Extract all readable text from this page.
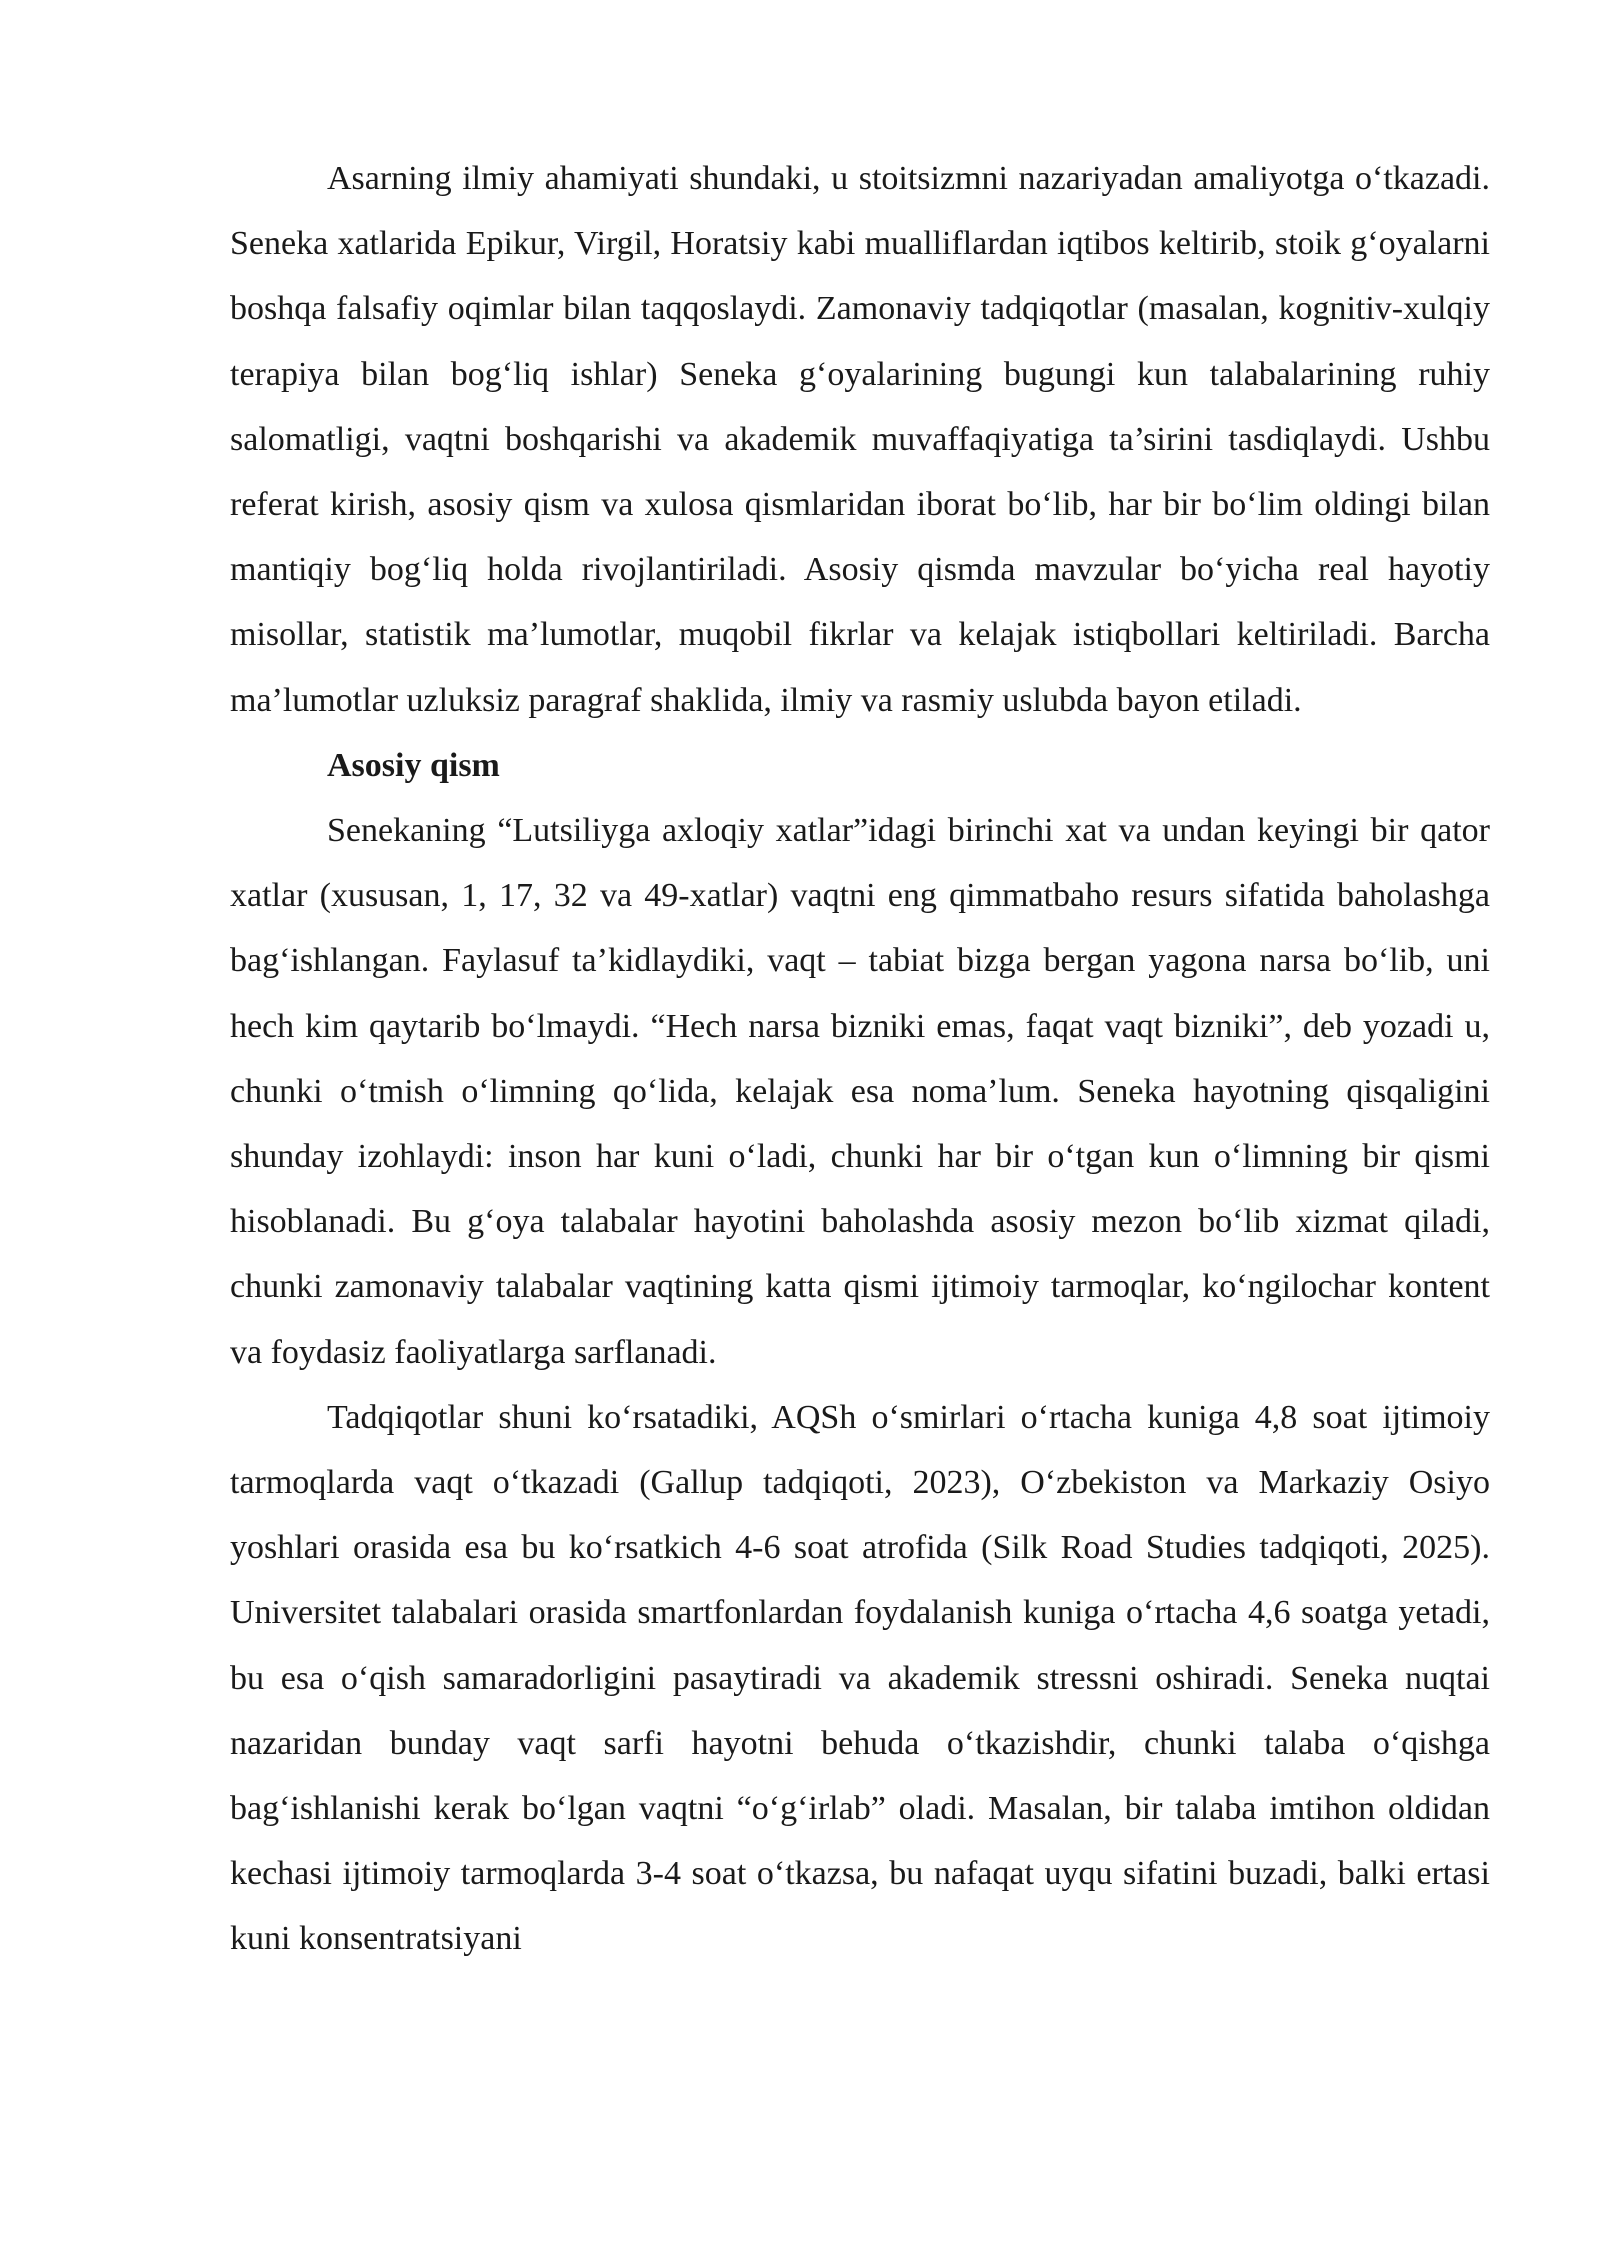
Asarning ilmiy ahamiyati shundaki, u stoitsizmni nazariyadan amaliyotga o‘tkazadi. Seneka xatlarida Epikur, Virgil, Horatsiy kabi mualliflardan iqtibos keltirib, stoik g‘oyalarni boshqa falsafiy oqimlar bilan taqqoslaydi. Zamonaviy tadqiqotlar (masalan, kognitiv-xulqiy terapiya bilan bog‘liq ishlar) Seneka g‘oyalarining bugungi kun talabalarining ruhiy salomatligi, vaqtni boshqarishi va akademik muvaffaqiyatiga ta’sirini tasdiqlaydi. Ushbu referat kirish, asosiy qism va xulosa qismlaridan iborat bo‘lib, har bir bo‘lim oldingi bilan mantiqiy bog‘liq holda rivojlantiriladi. Asosiy qismda mavzular bo‘yicha real hayotiy misollar, statistik ma’lumotlar, muqobil fikrlar va kelajak istiqbollari keltiriladi. Barcha ma’lumotlar uzluksiz paragraf shaklida, ilmiy va rasmiy uslubda bayon etiladi.

Asosiy qism

Senekaning “Lutsiliyga axloqiy xatlar”idagi birinchi xat va undan keyingi bir qator xatlar (xususan, 1, 17, 32 va 49-xatlar) vaqtni eng qimmatbaho resurs sifatida baholashga bag‘ishlangan. Faylasuf ta’kidlaydiki, vaqt – tabiat bizga bergan yagona narsa bo‘lib, uni hech kim qaytarib bo‘lmaydi. “Hech narsa bizniki emas, faqat vaqt bizniki”, deb yozadi u, chunki o‘tmish o‘limning qo‘lida, kelajak esa noma’lum. Seneka hayotning qisqaligini shunday izohlaydi: inson har kuni o‘ladi, chunki har bir o‘tgan kun o‘limning bir qismi hisoblanadi. Bu g‘oya talabalar hayotini baholashda asosiy mezon bo‘lib xizmat qiladi, chunki zamonaviy talabalar vaqtining katta qismi ijtimoiy tarmoqlar, ko‘ngilochar kontent va foydasiz faoliyatlarga sarflanadi.

Tadqiqotlar shuni ko‘rsatadiki, AQSh o‘smirlari o‘rtacha kuniga 4,8 soat ijtimoiy tarmoqlarda vaqt o‘tkazadi (Gallup tadqiqoti, 2023), O‘zbekiston va Markaziy Osiyo yoshlari orasida esa bu ko‘rsatkich 4-6 soat atrofida (Silk Road Studies tadqiqoti, 2025). Universitet talabalari orasida smartfonlardan foydalanish kuniga o‘rtacha 4,6 soatga yetadi, bu esa o‘qish samaradorligini pasaytiradi va akademik stressni oshiradi. Seneka nuqtai nazaridan bunday vaqt sarfi hayotni behuda o‘tkazishdir, chunki talaba o‘qishga bag‘ishlanishi kerak bo‘lgan vaqtni “o‘g‘irlab” oladi. Masalan, bir talaba imtihon oldidan kechasi ijtimoiy tarmoqlarda 3-4 soat o‘tkazsa, bu nafaqat uyqu sifatini buzadi, balki ertasi kuni konsentratsiyani
